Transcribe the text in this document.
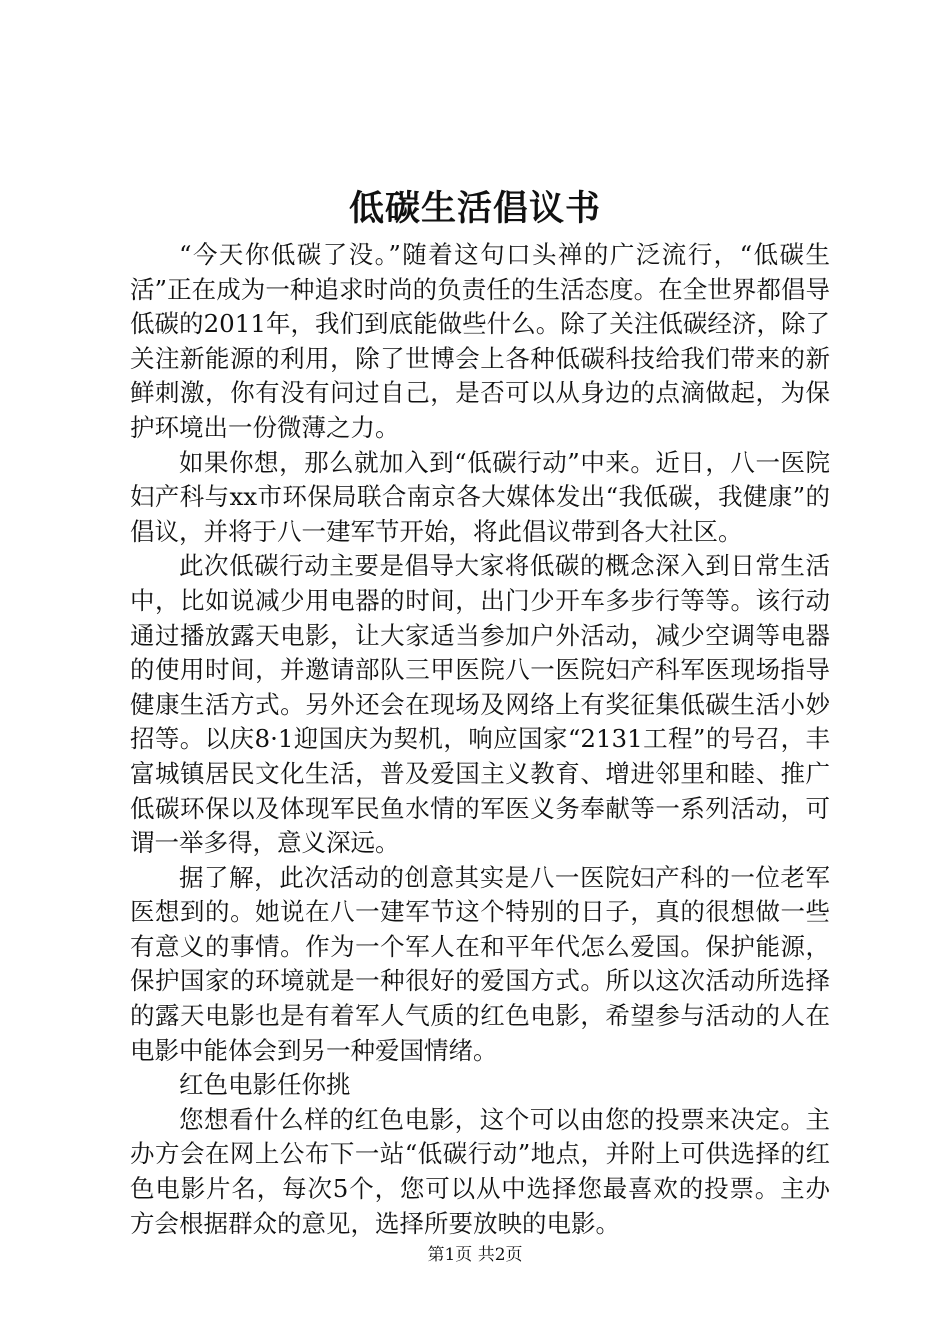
低碳生活倡议书

“今天你低碳了没。”随着这句口头禅的广泛流行，“低碳生活”正在成为一种追求时尚的负责任的生活态度。在全世界都倡导低碳的2011年，我们到底能做些什么。除了关注低碳经济，除了关注新能源的利用，除了世博会上各种低碳科技给我们带来的新鲜刺激，你有没有问过自己，是否可以从身边的点滴做起，为保护环境出一份微薄之力。

如果你想，那么就加入到“低碳行动”中来。近日，八一医院妇产科与xx市环保局联合南京各大媒体发出“我低碳，我健康”的倡议，并将于八一建军节开始，将此倡议带到各大社区。

此次低碳行动主要是倡导大家将低碳的概念深入到日常生活中，比如说减少用电器的时间，出门少开车多步行等等。该行动通过播放露天电影，让大家适当参加户外活动，减少空调等电器的使用时间，并邀请部队三甲医院八一医院妇产科军医现场指导健康生活方式。另外还会在现场及网络上有奖征集低碳生活小妙招等。以庆8·1迎国庆为契机，响应国家“2131工程”的号召，丰富城镇居民文化生活，普及爱国主义教育、增进邻里和睦、推广低碳环保以及体现军民鱼水情的军医义务奉献等一系列活动，可谓一举多得，意义深远。

据了解，此次活动的创意其实是八一医院妇产科的一位老军医想到的。她说在八一建军节这个特别的日子，真的很想做一些有意义的事情。作为一个军人在和平年代怎么爱国。保护能源，保护国家的环境就是一种很好的爱国方式。所以这次活动所选择的露天电影也是有着军人气质的红色电影，希望参与活动的人在电影中能体会到另一种爱国情绪。

红色电影任你挑

您想看什么样的红色电影，这个可以由您的投票来决定。主办方会在网上公布下一站“低碳行动”地点，并附上可供选择的红色电影片名，每次5个，您可以从中选择您最喜欢的投票。主办方会根据群众的意见，选择所要放映的电影。

第1页 共2页
